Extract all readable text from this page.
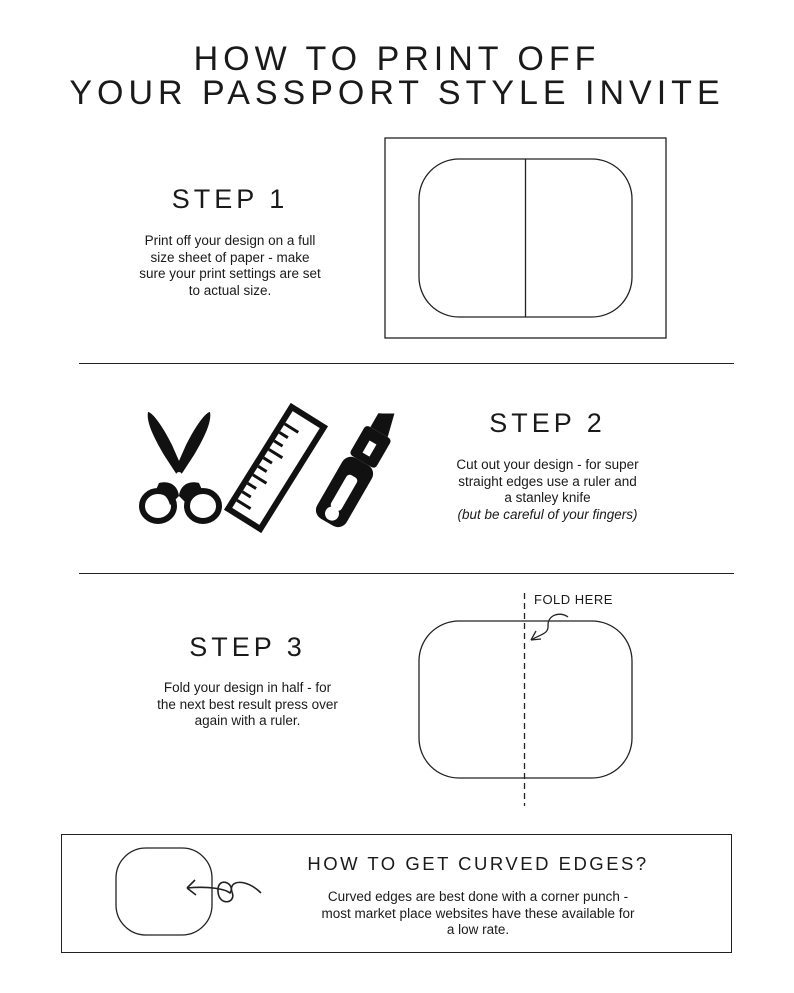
HOW TO PRINT OFF
YOUR PASSPORT STYLE INVITE
STEP 1
Print off your design on a full
size sheet of paper - make
sure your print settings are set
to actual size.
STEP 2
Cut out your design - for super
straight edges use a ruler and
a stanley knife
(but be careful of your fingers)
STEP 3
Fold your design in half - for
the next best result press over
again with a ruler.
FOLD HERE
HOW TO GET CURVED EDGES?
Curved edges are best done with a corner punch -
most market place websites have these available for
a low rate.
